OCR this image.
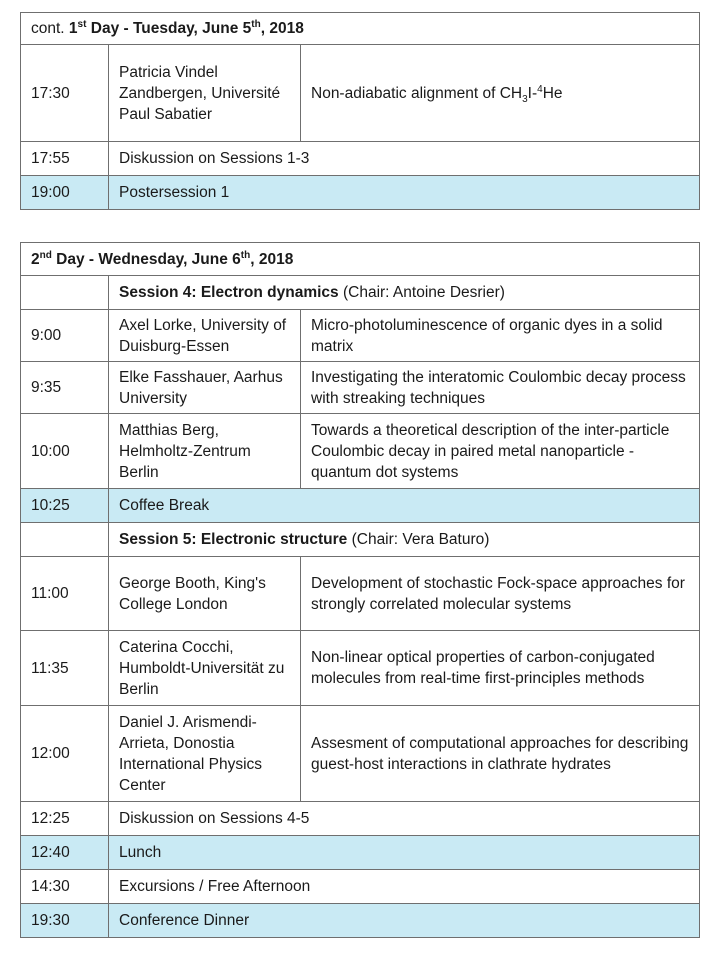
cont. 1st Day - Tuesday, June 5th, 2018		
17:30	Patricia Vindel Zandbergen, Université Paul Sabatier	Non-adiabatic alignment of $CH_3I-^4He$
17:55	Diskussion on Sessions 1-3	
19:00	Postersession 1	
2nd Day - Wednesday, June 6th, 2018		
	Session 4: Electron dynamics (Chair: Antoine Desrier)	
9:00	Axel Lorke, University of Duisburg-Essen	Micro-photoluminescence of organic dyes in a solid matrix
9:35	Elke Fasshauer, Aarhus University	Investigating the interatomic Coulombic decay process with streaking techniques
10:00	Matthias Berg, Helmholtz-Zentrum Berlin	Towards a theoretical description of the inter-particle Coulombic decay in paired metal nanoparticle - quantum dot systems
10:25	Coffee Break	
	Session 5: Electronic structure (Chair: Vera Baturo)	
11:00	George Booth, King's College London	Development of stochastic Fock-space approaches for strongly correlated molecular systems
11:35	Caterina Cocchi, Humboldt-Universität zu Berlin	Non-linear optical properties of carbon-conjugated molecules from real-time first-principles methods
12:00	Daniel J. Arismendi-Arrieta, Donostia International Physics Center	Assesment of computational approaches for describing guest-host interactions in clathrate hydrates
12:25	Diskussion on Sessions 4-5	
12:40	Lunch	
14:30	Excursions / Free Afternoon	
19:30	Conference Dinner	
